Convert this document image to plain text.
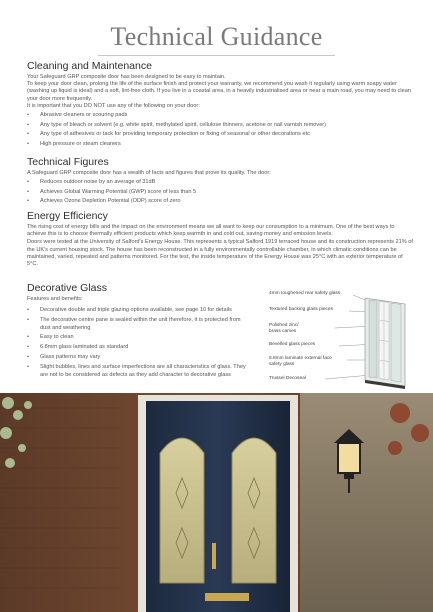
Technical Guidance
Cleaning and Maintenance

Your Safeguard GRP composite door has been designed to be easy to maintain.

To keep your door clean, prolong the life of the surface finish and protect your warranty, we recommend you wash it regularly using warm soapy water (washing up liquid is ideal) and a soft, lint-free cloth. If you live in a coastal area, in a heavily industrialised area or near a main road, you may need to clean your door more frequently.

It is important that you DO NOT use any of the following on your door:

• Abrasive cleaners or scouring pads
• Any type of bleach or solvent (e.g. white spirit, methylated spirit, cellulose thinners, acetone or nail varnish remover)
• Any type of adhesives or tack for providing temporary protection or fixing of seasonal or other decorations etc
• High pressure or steam cleaners
Technical Figures

A Safeguard GRP composite door has a wealth of facts and figures that prove its quality. The door:

• Reduces outdoor noise by an average of 31dB
• Achieves Global Warming Potential (GWP) score of less than 5
• Achieves Ozone Depletion Potential (ODP) score of zero
Energy Efficiency

The rising cost of energy bills and the impact on the environment means we all want to keep our consumption to a minimum. One of the best ways to achieve this is to choose thermally efficient products which keep warmth in and cold out, saving money and emission levels.

Doors were tested at the University of Salford's Energy House. This represents a typical Salford 1919 terraced house and its construction represents 21% of the UK's current housing stock. The house has been reconstructed in a fully environmentally controllable chamber, in which climatic conditions can be maintained, varied, repeated and patterns monitored. For the test, the inside temperature of the Energy House was 25°C with an exterior temperature of 5°C.

Decorative Glass

Features and benefits:

• Decorative double and triple glazing options available, see page 10 for details
• The decorative centre pane is sealed within the unit therefore, it is protected from dust and weathering
• Easy to clean
• 6.8mm glass laminated as standard
• Glass patterns may vary
• Slight bubbles, lines and surface imperfections are all characteristics of glass. They are not to be considered as defects as they add character to decorative glass
4mm toughened rear safety glass
Textured backing glass pieces
Polished zinc/ brass cames
Bevelled glass pieces
6.8mm laminate external face safety glass
Trussel Decoseal
